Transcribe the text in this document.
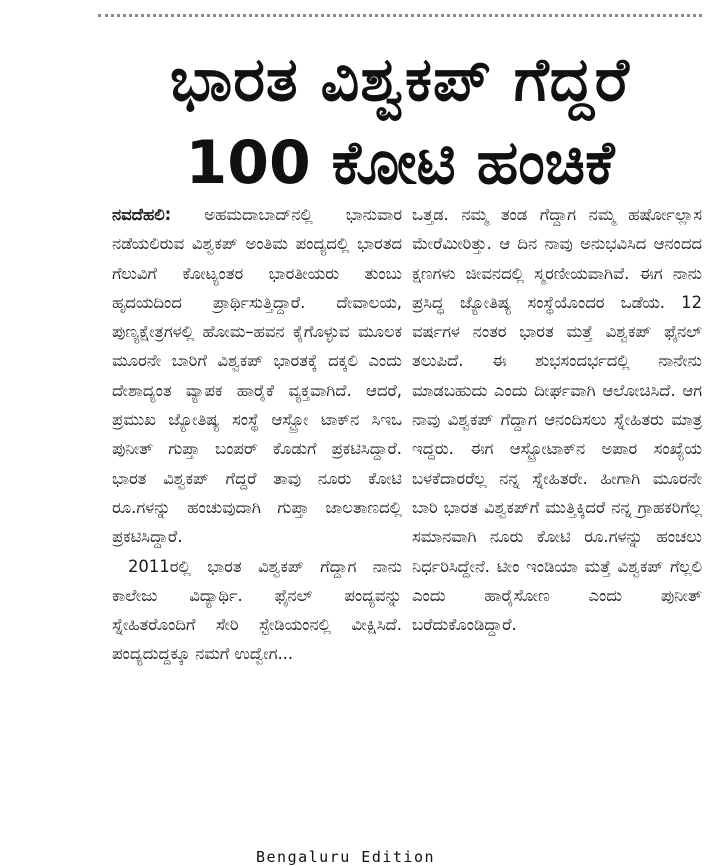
ಭಾರತ ವಿಶ್ವಕಪ್ ಗೆದ್ದರೆ
100 ಕೋಟಿ ಹಂಚಿಕೆ

ನವದೆಹಲಿ: ಅಹಮದಾಬಾದ್‌ನಲ್ಲಿ ಭಾನುವಾರ ನಡೆಯಲಿರುವ ವಿಶ್ವಕಪ್ ಅಂತಿಮ ಪಂದ್ಯದಲ್ಲಿ ಭಾರತದ ಗೆಲುವಿಗೆ ಕೋಟ್ಯಂತರ ಭಾರತೀಯರು ತುಂಬು ಹೃದಯದಿಂದ ಪ್ರಾರ್ಥಿಸುತ್ತಿದ್ದಾರೆ. ದೇವಾಲಯ, ಪುಣ್ಯಕ್ಷೇತ್ರಗಳಲ್ಲಿ ಹೋಮ–ಹವನ ಕೈಗೊಳ್ಳುವ ಮೂಲಕ ಮೂರನೇ ಬಾರಿಗೆ ವಿಶ್ವಕಪ್ ಭಾರತಕ್ಕೆ ದಕ್ಕಲಿ ಎಂದು ದೇಶಾದ್ಯಂತ ವ್ಯಾಪಕ ಹಾರೈಕೆ ವ್ಯಕ್ತವಾಗಿದೆ. ಆದರೆ, ಪ್ರಮುಖ ಜ್ಯೋತಿಷ್ಯ ಸಂಸ್ಥೆ ಆಸ್ಟ್ರೋ ಟಾಕ್‌ನ ಸಿಇಒ ಪುನೀತ್ ಗುಪ್ತಾ ಬಂಪರ್ ಕೊಡುಗೆ ಪ್ರಕಟಿಸಿದ್ದಾರೆ. ಭಾರತ ವಿಶ್ವಕಪ್ ಗೆದ್ದರೆ ತಾವು ನೂರು ಕೋಟಿ ರೂ.ಗಳನ್ನು ಹಂಚುವುದಾಗಿ ಗುಪ್ತಾ ಜಾಲತಾಣದಲ್ಲಿ ಪ್ರಕಟಿಸಿದ್ದಾರೆ.

2011ರಲ್ಲಿ ಭಾರತ ವಿಶ್ವಕಪ್ ಗೆದ್ದಾಗ ನಾನು ಕಾಲೇಜು ವಿದ್ಯಾರ್ಥಿ. ಫೈನಲ್ ಪಂದ್ಯವನ್ನು ಸ್ನೇಹಿತರೊಂದಿಗೆ ಸೇರಿ ಸ್ಟೇಡಿಯಂನಲ್ಲಿ ವೀಕ್ಷಿಸಿದೆ. ಪಂದ್ಯದುದ್ದಕ್ಕೂ ನಮಗೆ ಉದ್ವೇಗ...

ಒತ್ತಡ. ನಮ್ಮ ತಂಡ ಗೆದ್ದಾಗ ನಮ್ಮ ಹರ್ಷೋಲ್ಲಾಸ ಮೇರೆಮೀರಿತ್ತು. ಆ ದಿನ ನಾವು ಅನುಭವಿಸಿದ ಆನಂದದ ಕ್ಷಣಗಳು ಜೀವನದಲ್ಲಿ ಸ್ಮರಣೀಯವಾಗಿವೆ. ಈಗ ನಾನು ಪ್ರಸಿದ್ಧ ಜ್ಯೋತಿಷ್ಯ ಸಂಸ್ಥೆಯೊಂದರ ಒಡೆಯ. 12 ವರ್ಷಗಳ ನಂತರ ಭಾರತ ಮತ್ತೆ ವಿಶ್ವಕಪ್ ಫೈನಲ್ ತಲುಪಿದೆ. ಈ ಶುಭಸಂದರ್ಭದಲ್ಲಿ ನಾನೇನು ಮಾಡಬಹುದು ಎಂದು ದೀರ್ಘವಾಗಿ ಆಲೋಚಿಸಿದೆ. ಆಗ ನಾವು ವಿಶ್ವಕಪ್ ಗೆದ್ದಾಗ ಆನಂದಿಸಲು ಸ್ನೇಹಿತರು ಮಾತ್ರ ಇದ್ದರು. ಈಗ ಆಸ್ಟ್ರೋಟಾಕ್‌ನ ಅಪಾರ ಸಂಖ್ಯೆಯ ಬಳಕೆದಾರರೆಲ್ಲ ನನ್ನ ಸ್ನೇಹಿತರೇ. ಹೀಗಾಗಿ ಮೂರನೇ ಬಾರಿ ಭಾರತ ವಿಶ್ವಕಪ್‌ಗೆ ಮುತ್ತಿಕ್ಕಿದರೆ ನನ್ನ ಗ್ರಾಹಕರಿಗೆಲ್ಲ ಸಮಾನವಾಗಿ ನೂರು ಕೋಟಿ ರೂ.ಗಳನ್ನು ಹಂಚಲು ನಿರ್ಧರಿಸಿದ್ದೇನೆ. ಟೀಂ ಇಂಡಿಯಾ ಮತ್ತೆ ವಿಶ್ವಕಪ್ ಗೆಲ್ಲಲಿ ಎಂದು ಹಾರೈಸೋಣ ಎಂದು ಪುನೀತ್ ಬರೆದುಕೊಂಡಿದ್ದಾರೆ.

Bengaluru Edition
